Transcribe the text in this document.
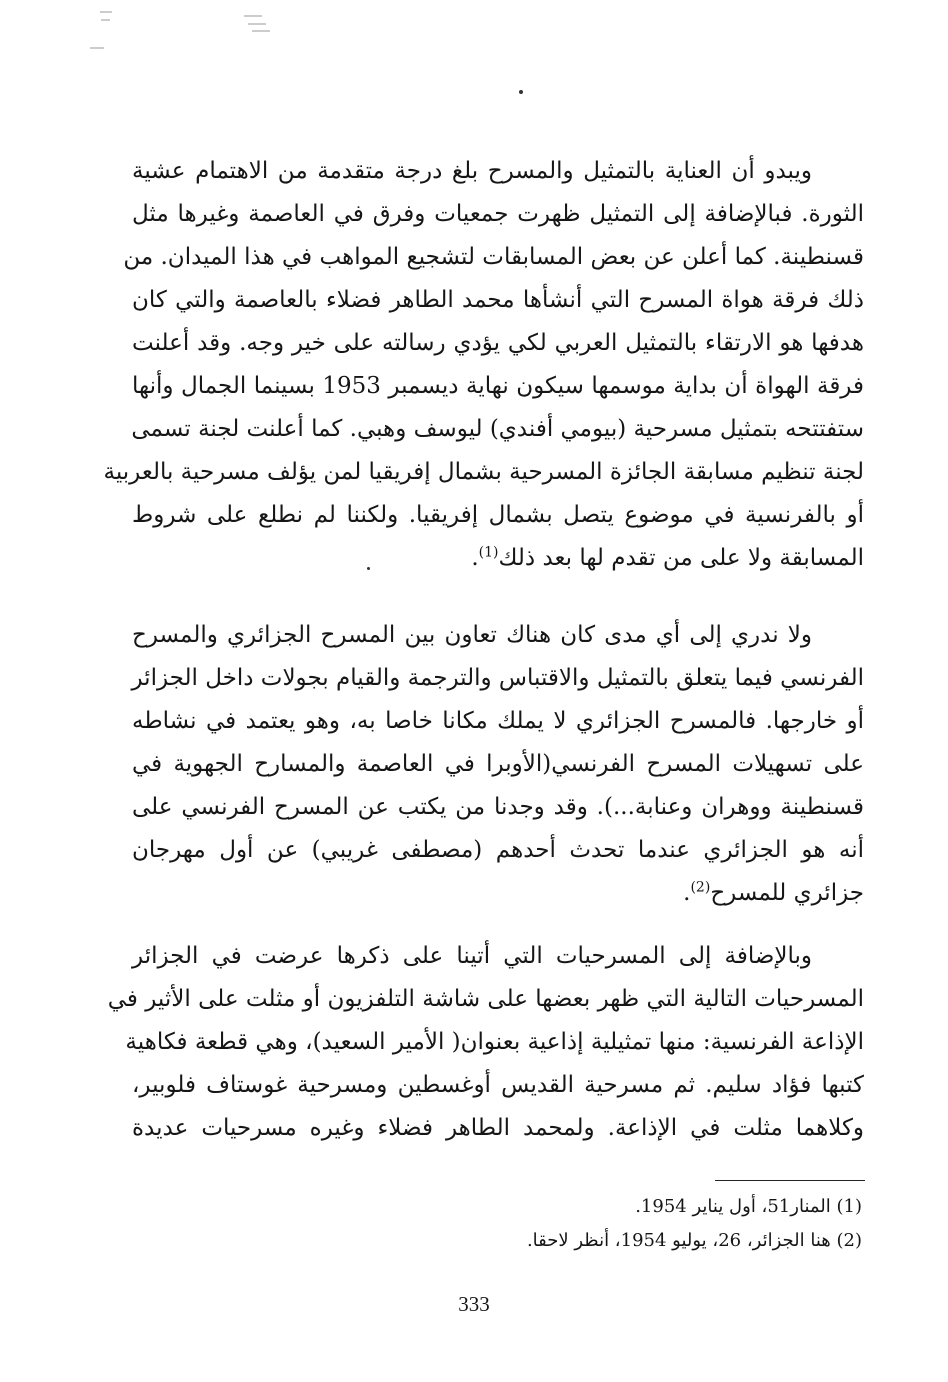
ويبدو أن العناية بالتمثيل والمسرح بلغ درجة متقدمة من الاهتمام عشية
الثورة. فبالإضافة إلى التمثيل ظهرت جمعيات وفرق في العاصمة وغيرها مثل
قسنطينة. كما أعلن عن بعض المسابقات لتشجيع المواهب في هذا الميدان. من
ذلك فرقة هواة المسرح التي أنشأها محمد الطاهر فضلاء بالعاصمة والتي كان
هدفها هو الارتقاء بالتمثيل العربي لكي يؤدي رسالته على خير وجه. وقد أعلنت
فرقة الهواة أن بداية موسمها سيكون نهاية ديسمبر 1953 بسينما الجمال وأنها
ستفتتحه بتمثيل مسرحية (بيومي أفندي) ليوسف وهبي. كما أعلنت لجنة تسمى
لجنة تنظيم مسابقة الجائزة المسرحية بشمال إفريقيا لمن يؤلف مسرحية بالعربية
أو بالفرنسية في موضوع يتصل بشمال إفريقيا. ولكننا لم نطلع على شروط
المسابقة ولا على من تقدم لها بعد ذلك$^{(1)}$.
ولا ندري إلى أي مدى كان هناك تعاون بين المسرح الجزائري والمسرح
الفرنسي فيما يتعلق بالتمثيل والاقتباس والترجمة والقيام بجولات داخل الجزائر
أو خارجها. فالمسرح الجزائري لا يملك مكانا خاصا به، وهو يعتمد في نشاطه
على تسهيلات المسرح الفرنسي(الأوبرا في العاصمة والمسارح الجهوية في
قسنطينة ووهران وعنابة...). وقد وجدنا من يكتب عن المسرح الفرنسي على
أنه هو الجزائري عندما تحدث أحدهم (مصطفى غريبي) عن أول مهرجان
جزائري للمسرح$^{(2)}$.
وبالإضافة إلى المسرحيات التي أتينا على ذكرها عرضت في الجزائر
المسرحيات التالية التي ظهر بعضها على شاشة التلفزيون أو مثلت على الأثير في
الإذاعة الفرنسية: منها تمثيلية إذاعية بعنوان( الأمير السعيد)، وهي قطعة فكاهية
كتبها فؤاد سليم. ثم مسرحية القديس أوغسطين ومسرحية غوستاف فلوبير،
وكلاهما مثلت في الإذاعة. ولمحمد الطاهر فضلاء وغيره مسرحيات عديدة
(1) المنار51، أول يناير 1954.
(2) هنا الجزائر، 26، يوليو 1954، أنظر لاحقا.
333
